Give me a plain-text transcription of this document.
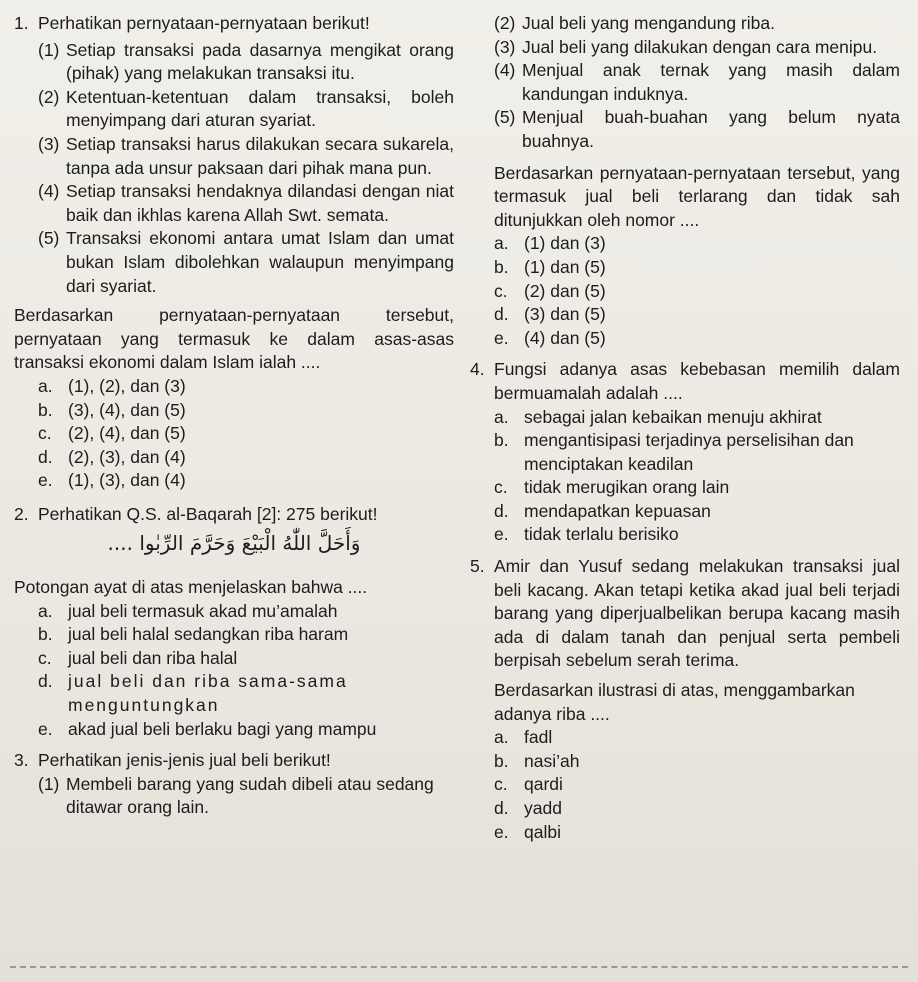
1. Perhatikan pernyataan-pernyataan berikut!
(1) Setiap transaksi pada dasarnya mengikat orang (pihak) yang melakukan transaksi itu.
(2) Ketentuan-ketentuan dalam transaksi, boleh menyimpang dari aturan syariat.
(3) Setiap transaksi harus dilakukan secara sukarela, tanpa ada unsur paksaan dari pihak mana pun.
(4) Setiap transaksi hendaknya dilandasi dengan niat baik dan ikhlas karena Allah Swt. semata.
(5) Transaksi ekonomi antara umat Islam dan umat bukan Islam dibolehkan walaupun menyimpang dari syariat.
Berdasarkan pernyataan-pernyataan tersebut, pernyataan yang termasuk ke dalam asas-asas transaksi ekonomi dalam Islam ialah ....
a. (1), (2), dan (3)
b. (3), (4), dan (5)
c. (2), (4), dan (5)
d. (2), (3), dan (4)
e. (1), (3), dan (4)
2. Perhatikan Q.S. al-Baqarah [2]: 275 berikut!
وَأَحَلَّ اللّٰهُ الْبَيْعَ وَحَرَّمَ الرِّبٰوا ....
Potongan ayat di atas menjelaskan bahwa ....
a. jual beli termasuk akad mu’amalah
b. jual beli halal sedangkan riba haram
c. jual beli dan riba halal
d. jual beli dan riba sama-sama menguntungkan
e. akad jual beli berlaku bagi yang mampu
3. Perhatikan jenis-jenis jual beli berikut!
(1) Membeli barang yang sudah dibeli atau sedang ditawar orang lain.
(2) Jual beli yang mengandung riba.
(3) Jual beli yang dilakukan dengan cara menipu.
(4) Menjual anak ternak yang masih dalam kandungan induknya.
(5) Menjual buah-buahan yang belum nyata buahnya.
Berdasarkan pernyataan-pernyataan tersebut, yang termasuk jual beli terlarang dan tidak sah ditunjukkan oleh nomor ....
a. (1) dan (3)
b. (1) dan (5)
c. (2) dan (5)
d. (3) dan (5)
e. (4) dan (5)
4. Fungsi adanya asas kebebasan memilih dalam bermuamalah adalah ....
a. sebagai jalan kebaikan menuju akhirat
b. mengantisipasi terjadinya perselisihan dan menciptakan keadilan
c. tidak merugikan orang lain
d. mendapatkan kepuasan
e. tidak terlalu berisiko
5. Amir dan Yusuf sedang melakukan transaksi jual beli kacang. Akan tetapi ketika akad jual beli terjadi barang yang diperjualbelikan berupa kacang masih ada di dalam tanah dan penjual serta pembeli berpisah sebelum serah terima.
Berdasarkan ilustrasi di atas, menggambarkan adanya riba ....
a. fadl
b. nasi’ah
c. qardi
d. yadd
e. qalbi
